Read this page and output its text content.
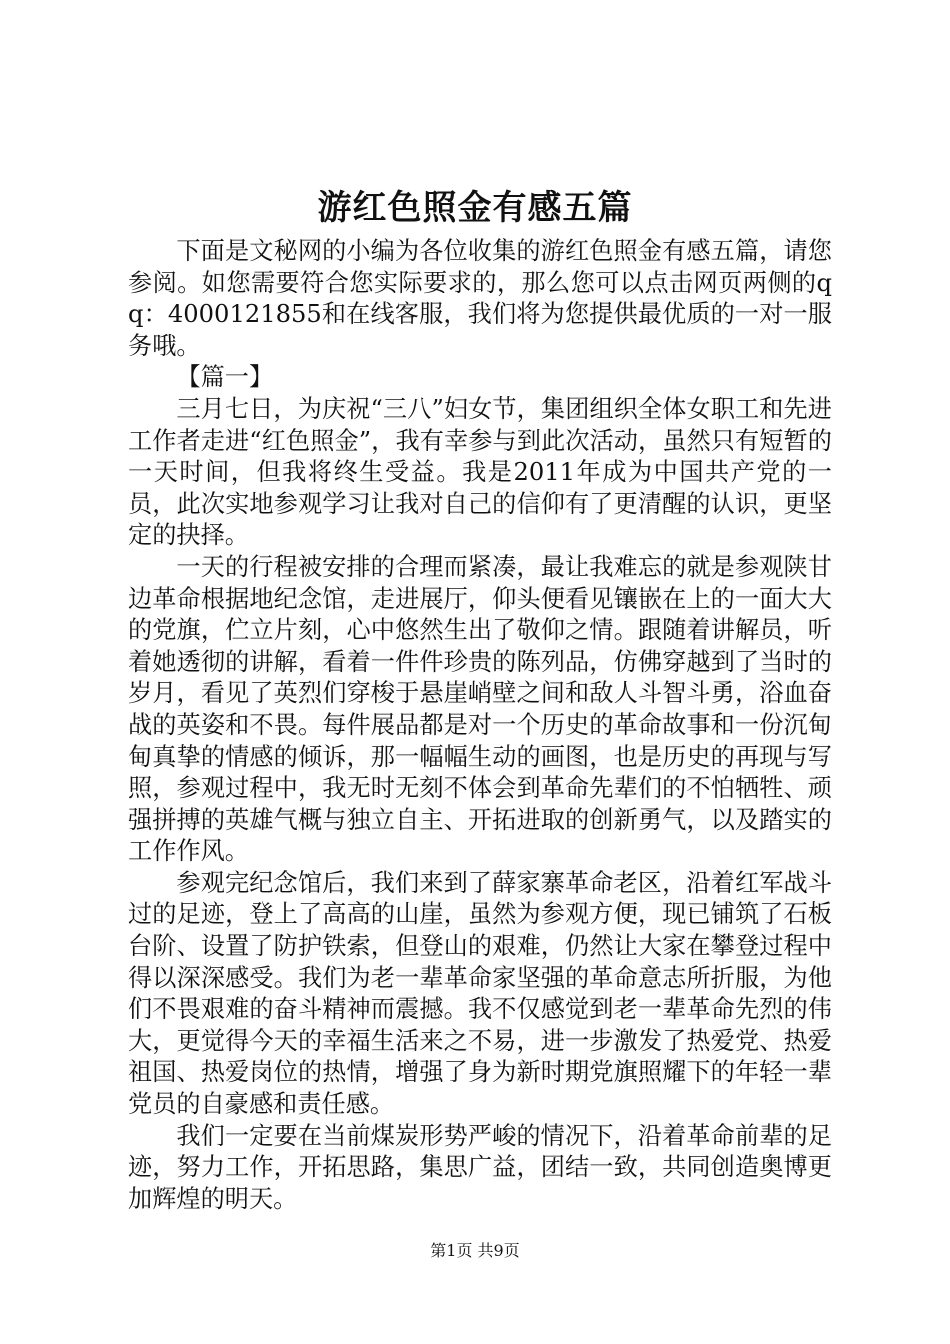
游红色照金有感五篇

下面是文秘网的小编为各位收集的游红色照金有感五篇，请您参阅。如您需要符合您实际要求的，那么您可以点击网页两侧的qq：4000121855和在线客服，我们将为您提供最优质的一对一服务哦。

【篇一】

三月七日，为庆祝“三八”妇女节，集团组织全体女职工和先进工作者走进“红色照金”，我有幸参与到此次活动，虽然只有短暂的一天时间，但我将终生受益。我是2011年成为中国共产党的一员，此次实地参观学习让我对自己的信仰有了更清醒的认识，更坚定的抉择。

一天的行程被安排的合理而紧凑，最让我难忘的就是参观陕甘边革命根据地纪念馆，走进展厅，仰头便看见镶嵌在上的一面大大的党旗，伫立片刻，心中悠然生出了敬仰之情。跟随着讲解员，听着她透彻的讲解，看着一件件珍贵的陈列品，仿佛穿越到了当时的岁月，看见了英烈们穿梭于悬崖峭壁之间和敌人斗智斗勇，浴血奋战的英姿和不畏。每件展品都是对一个历史的革命故事和一份沉甸甸真挚的情感的倾诉，那一幅幅生动的画图，也是历史的再现与写照，参观过程中，我无时无刻不体会到革命先辈们的不怕牺牲、顽强拼搏的英雄气概与独立自主、开拓进取的创新勇气，以及踏实的工作作风。

参观完纪念馆后，我们来到了薛家寨革命老区，沿着红军战斗过的足迹，登上了高高的山崖，虽然为参观方便，现已铺筑了石板台阶、设置了防护铁索，但登山的艰难，仍然让大家在攀登过程中得以深深感受。我们为老一辈革命家坚强的革命意志所折服，为他们不畏艰难的奋斗精神而震撼。我不仅感觉到老一辈革命先烈的伟大，更觉得今天的幸福生活来之不易，进一步激发了热爱党、热爱祖国、热爱岗位的热情，增强了身为新时期党旗照耀下的年轻一辈党员的自豪感和责任感。

我们一定要在当前煤炭形势严峻的情况下，沿着革命前辈的足迹，努力工作，开拓思路，集思广益，团结一致，共同创造奥博更加辉煌的明天。

第1页 共9页
